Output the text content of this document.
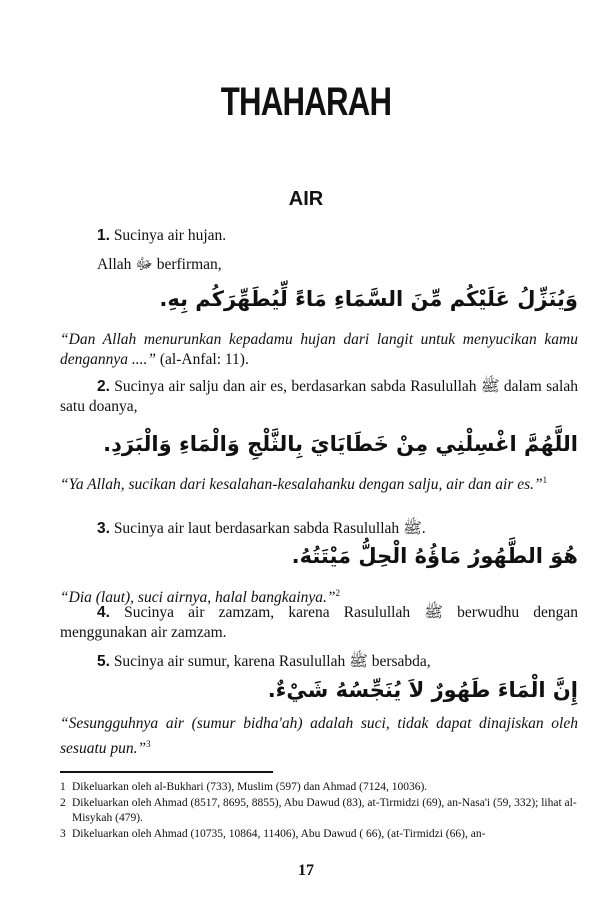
THAHARAH
AIR
1. Sucinya air hujan.
Allah ﷻ berfirman,
وَيُنَزِّلُ عَلَيْكُم مِّنَ السَّمَاءِ مَاءً لِّيُطَهِّرَكُم بِهِ.
“Dan Allah menurunkan kepadamu hujan dari langit untuk menyucikan kamu dengannya ....” (al-Anfal: 11).
2. Sucinya air salju dan air es, berdasarkan sabda Rasulullah ﷺ dalam salah satu doanya,
اللَّهُمَّ اغْسِلْنِي مِنْ خَطَايَايَ بِالثَّلْجِ وَالْمَاءِ وَالْبَرَدِ.
“Ya Allah, sucikan dari kesalahan-kesalahanku dengan salju, air dan air es.”$^1$
3. Sucinya air laut berdasarkan sabda Rasulullah ﷺ.
هُوَ الطَّهُورُ مَاؤُهُ الْحِلُّ مَيْتَتُهُ.
“Dia (laut), suci airnya, halal bangkainya.”$^2$
4. Sucinya air zamzam, karena Rasulullah ﷺ berwudhu dengan menggunakan air zamzam.
5. Sucinya air sumur, karena Rasulullah ﷺ bersabda,
إِنَّ الْمَاءَ طَهُورٌ لاَ يُنَجِّسُهُ شَيْءٌ.
“Sesungguhnya air (sumur bidha'ah) adalah suci, tidak dapat dinajiskan oleh sesuatu pun.”$^3$
1 Dikeluarkan oleh al-Bukhari (733), Muslim (597) dan Ahmad (7124, 10036).
2 Dikeluarkan oleh Ahmad (8517, 8695, 8855), Abu Dawud (83), at-Tirmidzi (69), an-Nasa'i (59, 332); lihat al-Misykah (479).
3 Dikeluarkan oleh Ahmad (10735, 10864, 11406), Abu Dawud ( 66), (at-Tirmidzi (66), an-
17
